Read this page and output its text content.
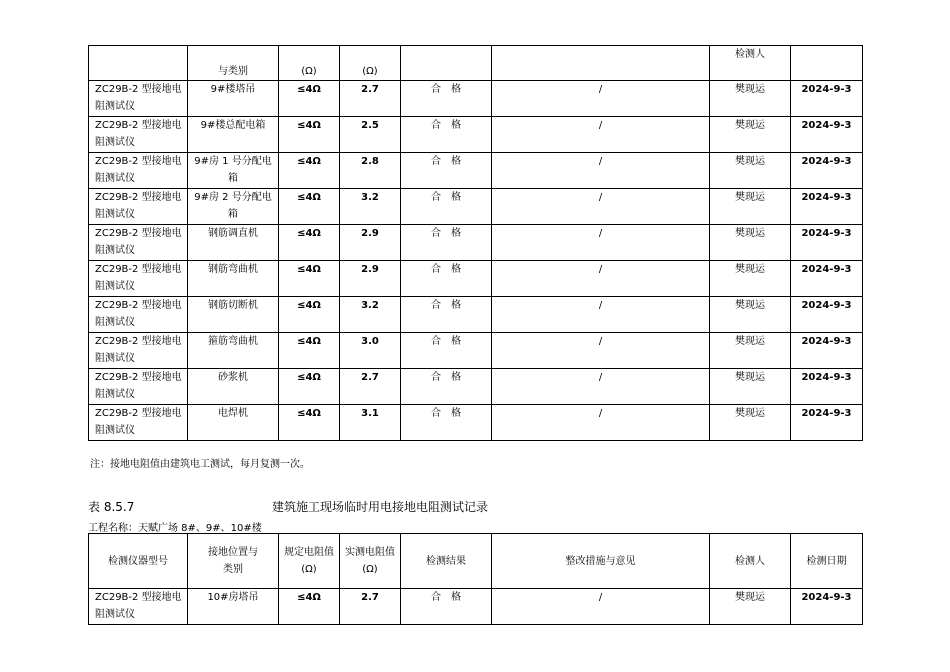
	与类别	(Ω)	(Ω)			检测人	
ZC29B-2 型接地电阻测试仪	9#楼塔吊	≤4Ω	2.7	合　格	/	樊现运	2024-9-3
ZC29B-2 型接地电阻测试仪	9#楼总配电箱	≤4Ω	2.5	合　格	/	樊现运	2024-9-3
ZC29B-2 型接地电阻测试仪	9#房 1 号分配电箱	≤4Ω	2.8	合　格	/	樊现运	2024-9-3
ZC29B-2 型接地电阻测试仪	9#房 2 号分配电箱	≤4Ω	3.2	合　格	/	樊现运	2024-9-3
ZC29B-2 型接地电阻测试仪	钢筋调直机	≤4Ω	2.9	合　格	/	樊现运	2024-9-3
ZC29B-2 型接地电阻测试仪	钢筋弯曲机	≤4Ω	2.9	合　格	/	樊现运	2024-9-3
ZC29B-2 型接地电阻测试仪	钢筋切断机	≤4Ω	3.2	合　格	/	樊现运	2024-9-3
ZC29B-2 型接地电阻测试仪	箍筋弯曲机	≤4Ω	3.0	合　格	/	樊现运	2024-9-3
ZC29B-2 型接地电阻测试仪	砂浆机	≤4Ω	2.7	合　格	/	樊现运	2024-9-3
ZC29B-2 型接地电阻测试仪	电焊机	≤4Ω	3.1	合　格	/	樊现运	2024-9-3
注：接地电阻值由建筑电工测试，每月复测一次。
表 8.5.7	建筑施工现场临时用电接地电阻测试记录
工程名称：天赋广场 8#、9#、10#楼
检测仪器型号	接地位置与类别	规定电阻值(Ω)	实测电阻值(Ω)	检测结果	整改措施与意见	检测人	检测日期
ZC29B-2 型接地电阻测试仪	10#房塔吊	≤4Ω	2.7	合　格	/	樊现运	2024-9-3
